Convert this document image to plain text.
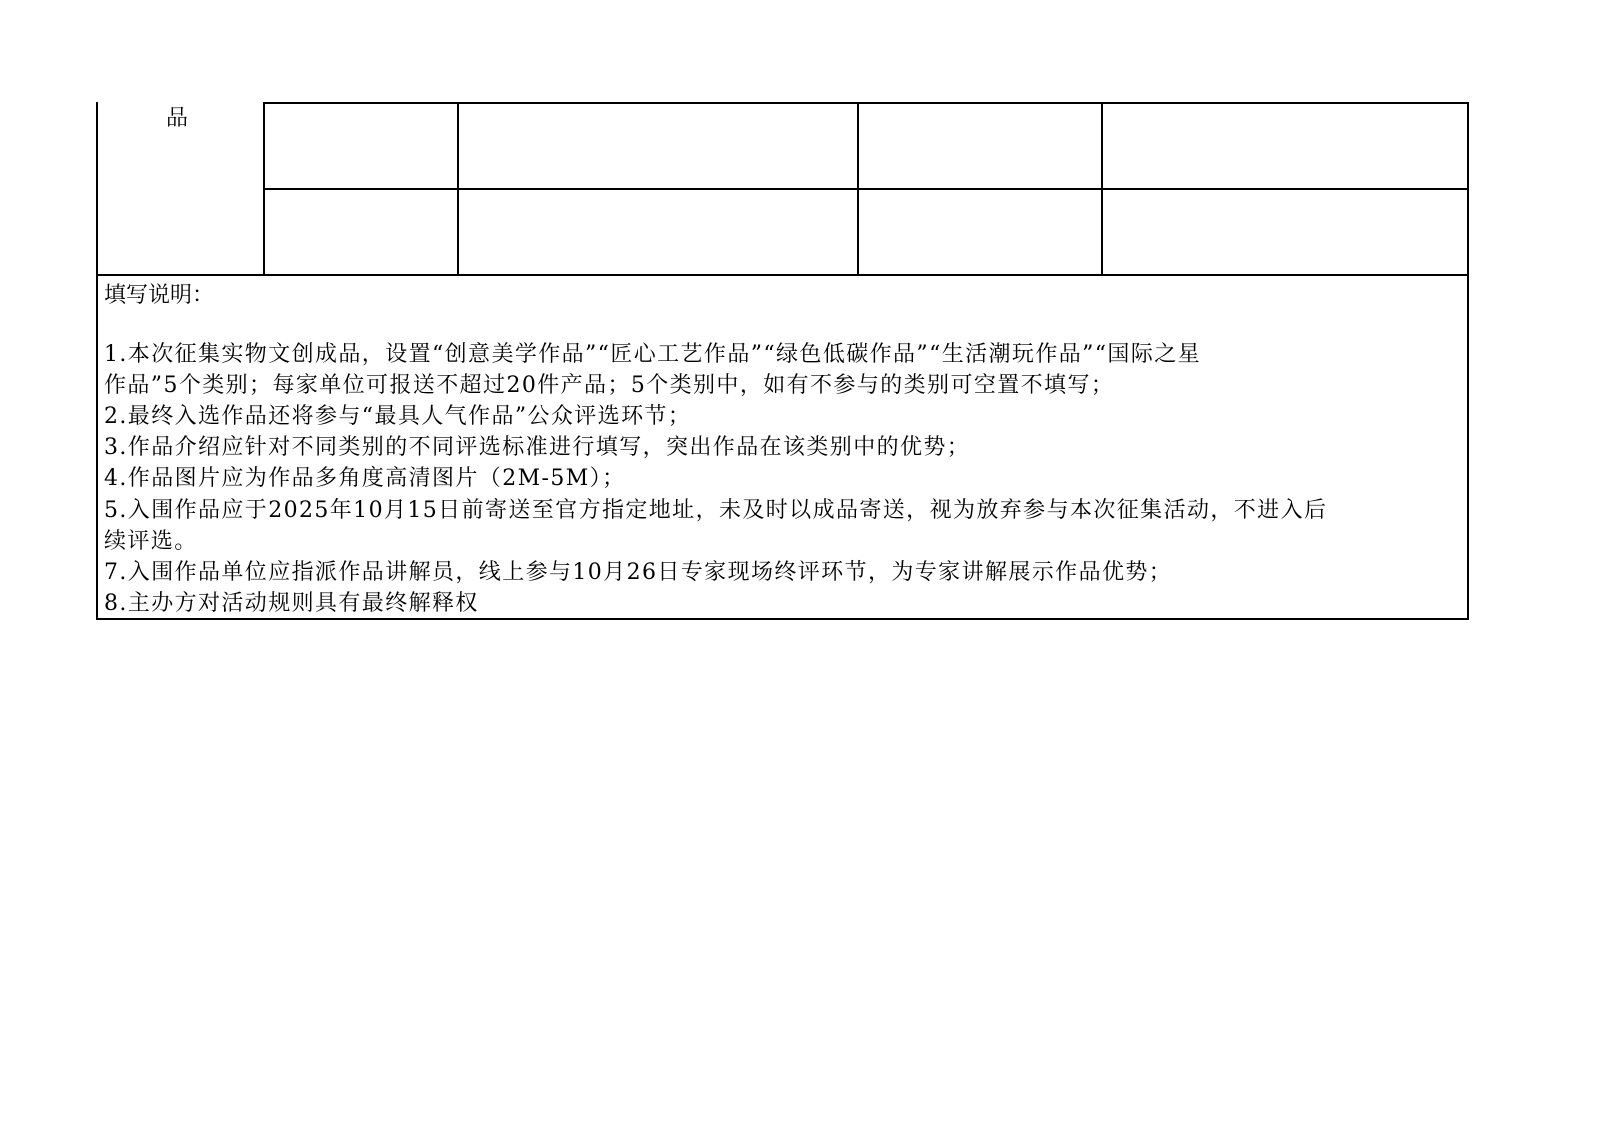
品
填写说明：
1.本次征集实物文创成品，设置“创意美学作品”“匠心工艺作品”“绿色低碳作品”“生活潮玩作品”“国际之星
作品”5个类别；每家单位可报送不超过20件产品；5个类别中，如有不参与的类别可空置不填写；
2.最终入选作品还将参与“最具人气作品”公众评选环节；
3.作品介绍应针对不同类别的不同评选标准进行填写，突出作品在该类别中的优势；
4.作品图片应为作品多角度高清图片（2M-5M）；
5.入围作品应于2025年10月15日前寄送至官方指定地址，未及时以成品寄送，视为放弃参与本次征集活动，不进入后
续评选。
7.入围作品单位应指派作品讲解员，线上参与10月26日专家现场终评环节，为专家讲解展示作品优势；
8.主办方对活动规则具有最终解释权
